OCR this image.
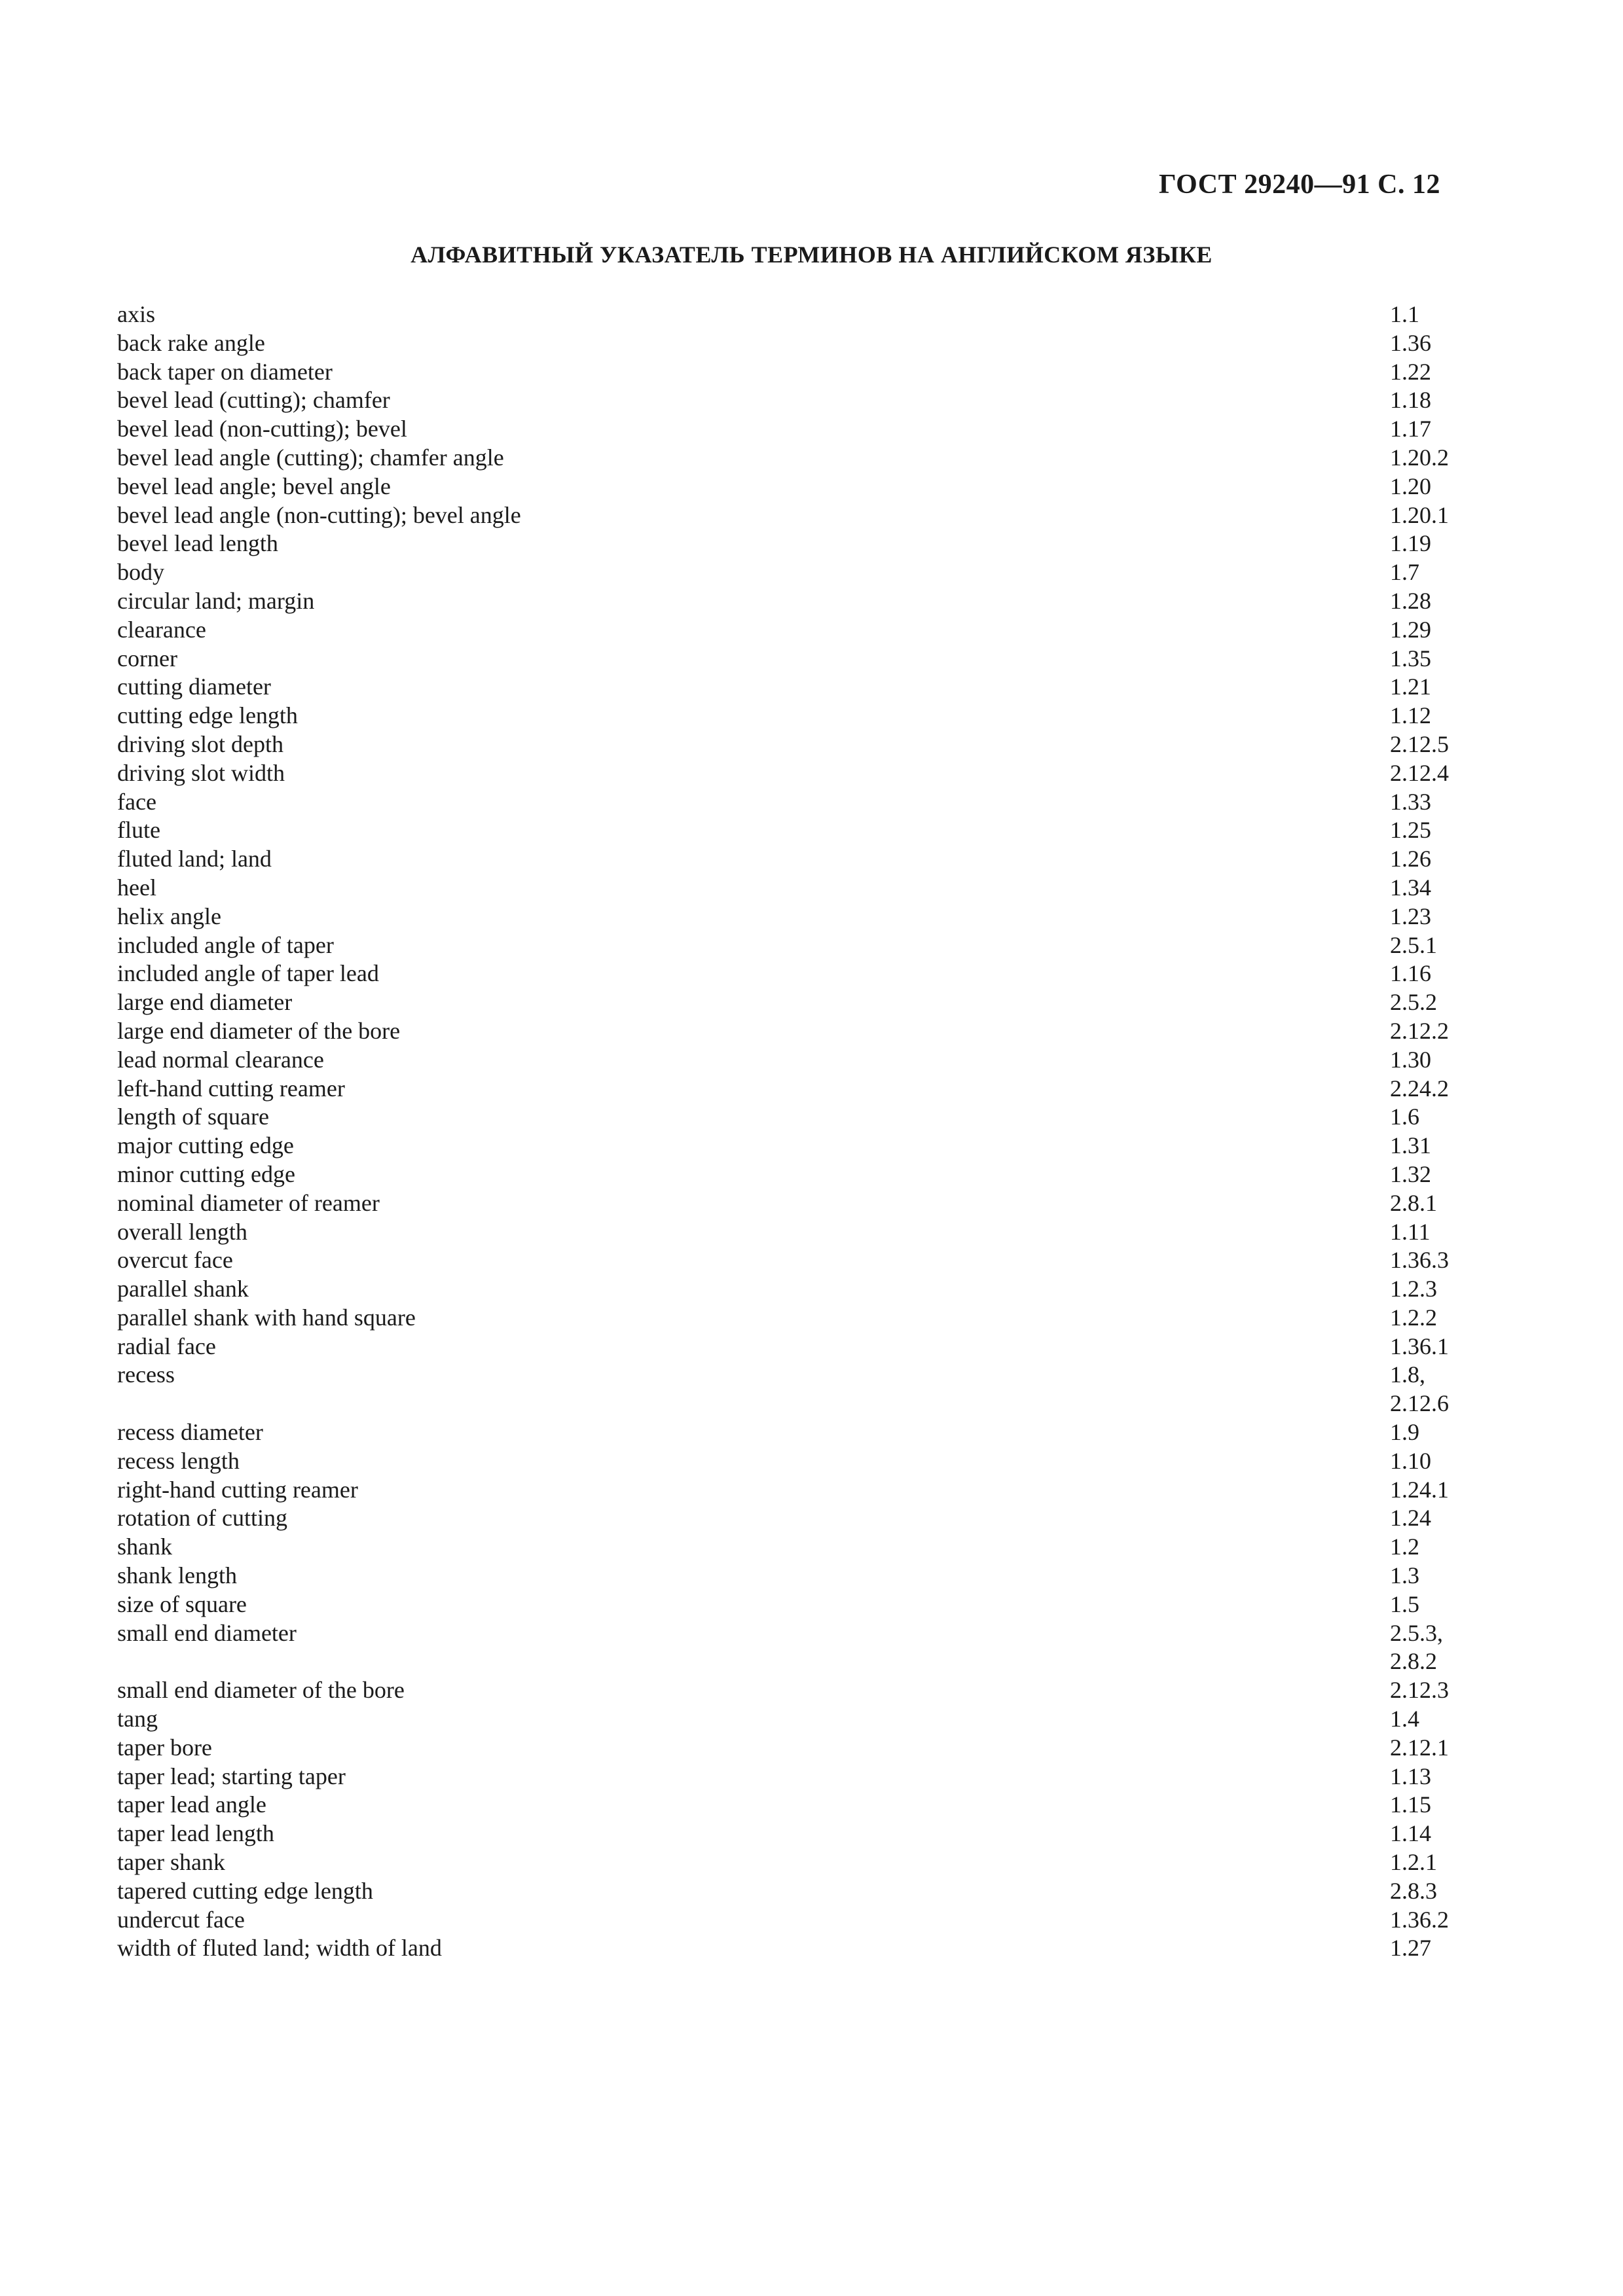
ГОСТ 29240—91 С. 12
АЛФАВИТНЫЙ УКАЗАТЕЛЬ ТЕРМИНОВ НА АНГЛИЙСКОМ ЯЗЫКЕ
axis	1.1
back rake angle	1.36
back taper on diameter	1.22
bevel lead (cutting); chamfer	1.18
bevel lead (non-cutting); bevel	1.17
bevel lead angle (cutting); chamfer angle	1.20.2
bevel lead angle; bevel angle	1.20
bevel lead angle (non-cutting); bevel angle	1.20.1
bevel lead length	1.19
body	1.7
circular land; margin	1.28
clearance	1.29
corner	1.35
cutting diameter	1.21
cutting edge length	1.12
driving slot depth	2.12.5
driving slot width	2.12.4
face	1.33
flute	1.25
fluted land; land	1.26
heel	1.34
helix angle	1.23
included angle of taper	2.5.1
included angle of taper lead	1.16
large end diameter	2.5.2
large end diameter of the bore	2.12.2
lead normal clearance	1.30
left-hand cutting reamer	2.24.2
length of square	1.6
major cutting edge	1.31
minor cutting edge	1.32
nominal diameter of reamer	2.8.1
overall length	1.11
overcut face	1.36.3
parallel shank	1.2.3
parallel shank with hand square	1.2.2
radial face	1.36.1
recess	1.8,
2.12.6
recess diameter	1.9
recess length	1.10
right-hand cutting reamer	1.24.1
rotation of cutting	1.24
shank	1.2
shank length	1.3
size of square	1.5
small end diameter	2.5.3,
2.8.2
small end diameter of the bore	2.12.3
tang	1.4
taper bore	2.12.1
taper lead; starting taper	1.13
taper lead angle	1.15
taper lead length	1.14
taper shank	1.2.1
tapered cutting edge length	2.8.3
undercut face	1.36.2
width of fluted land; width of land	1.27
